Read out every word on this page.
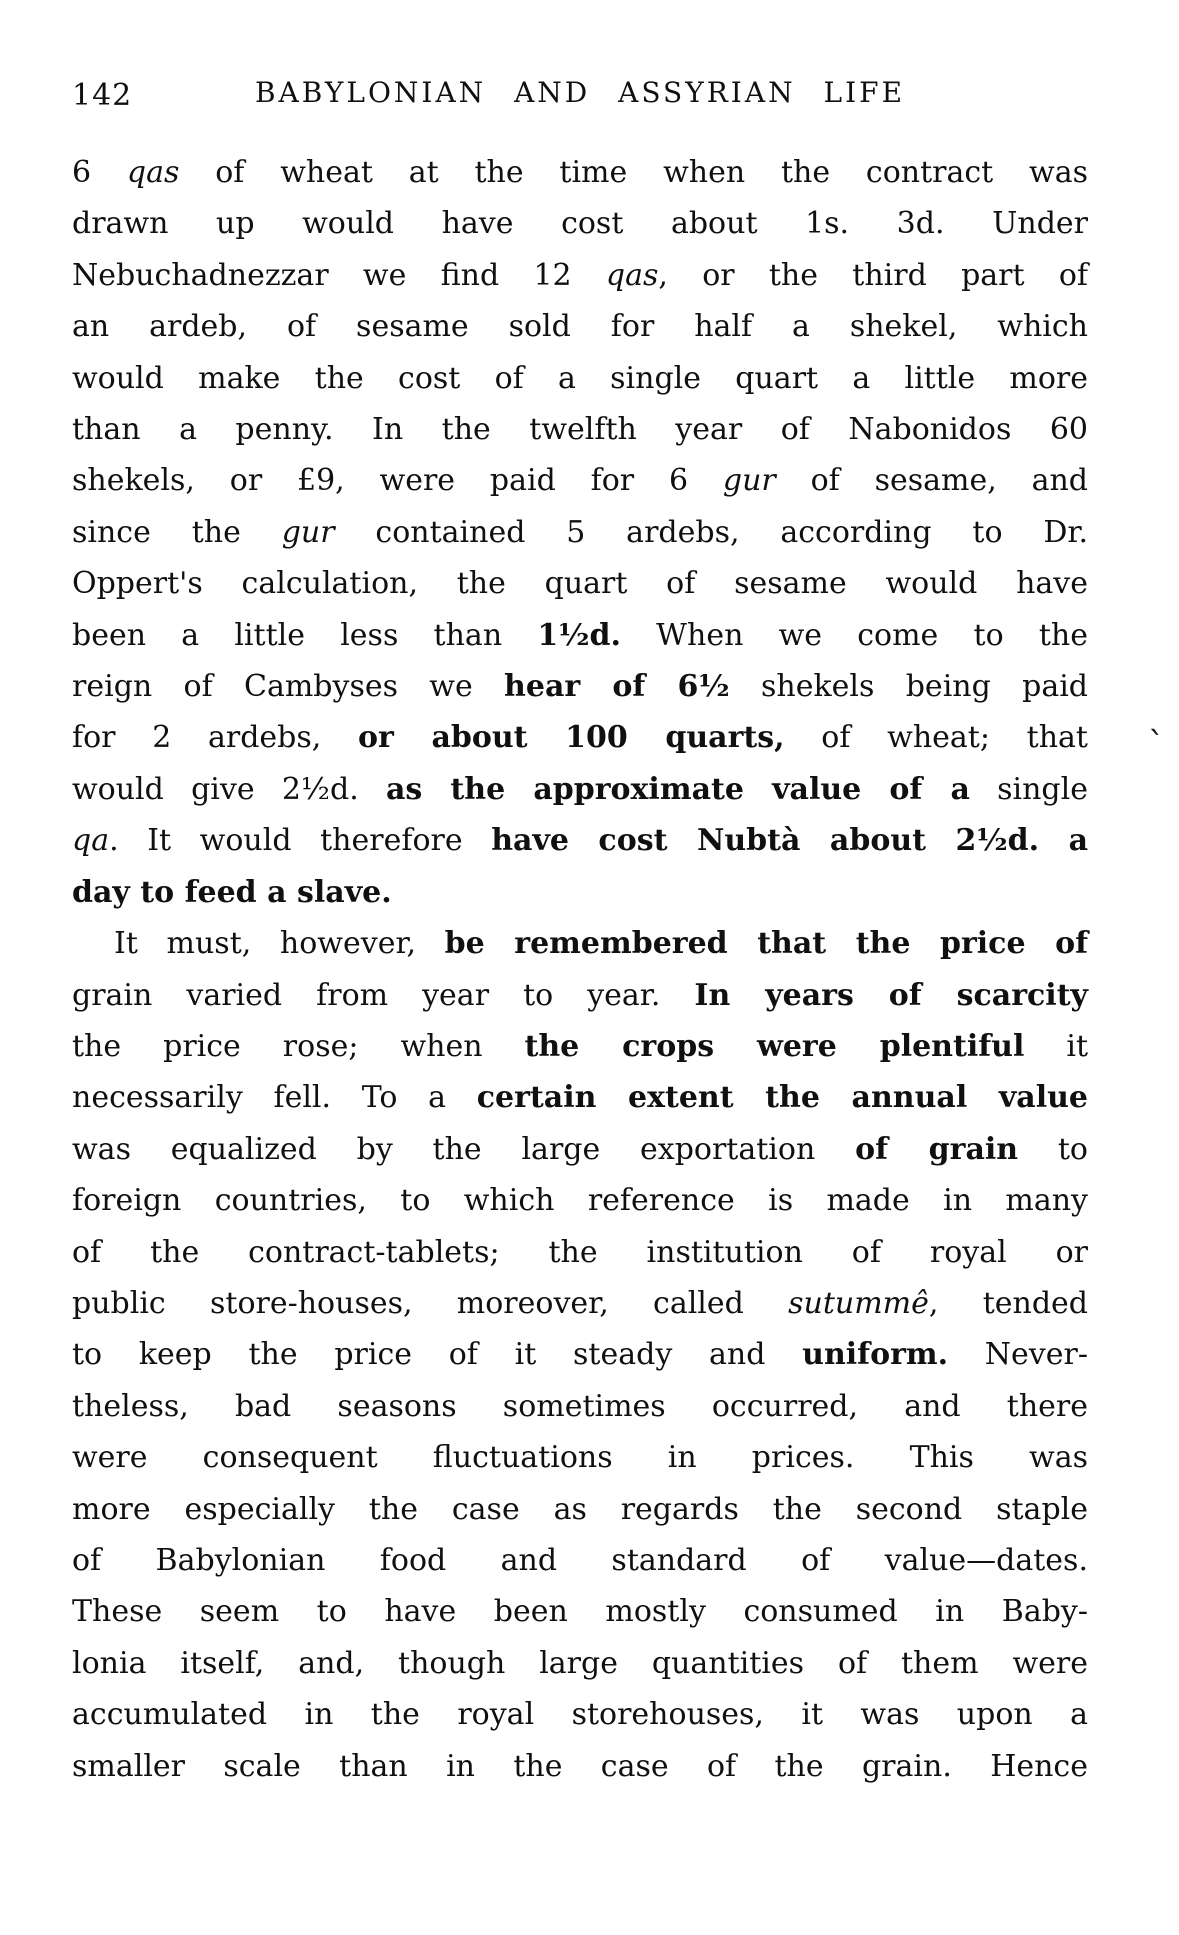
142	BABYLONIAN AND ASSYRIAN LIFE
6 qas of wheat at the time when the contract was
drawn up would have cost about 1s. 3d. Under
Nebuchadnezzar we find 12 qas, or the third part of
an ardeb, of sesame sold for half a shekel, which
would make the cost of a single quart a little more
than a penny. In the twelfth year of Nabonidos 60
shekels, or £9, were paid for 6 gur of sesame, and
since the gur contained 5 ardebs, according to Dr.
Oppert's calculation, the quart of sesame would have
been a little less than 1½d. When we come to the
reign of Cambyses we hear of 6½ shekels being paid
for 2 ardebs, or about 100 quarts, of wheat; that
would give 2½d. as the approximate value of a single
qa. It would therefore have cost Nubtà about 2½d. a
day to feed a slave.
It must, however, be remembered that the price of
grain varied from year to year. In years of scarcity
the price rose; when the crops were plentiful it
necessarily fell. To a certain extent the annual value
was equalized by the large exportation of grain to
foreign countries, to which reference is made in many
of the contract-tablets; the institution of royal or
public store-houses, moreover, called sutummê, tended
to keep the price of it steady and uniform. Never-
theless, bad seasons sometimes occurred, and there
were consequent fluctuations in prices. This was
more especially the case as regards the second staple
of Babylonian food and standard of value—dates.
These seem to have been mostly consumed in Baby-
lonia itself, and, though large quantities of them were
accumulated in the royal storehouses, it was upon a
smaller scale than in the case of the grain. Hence
`
